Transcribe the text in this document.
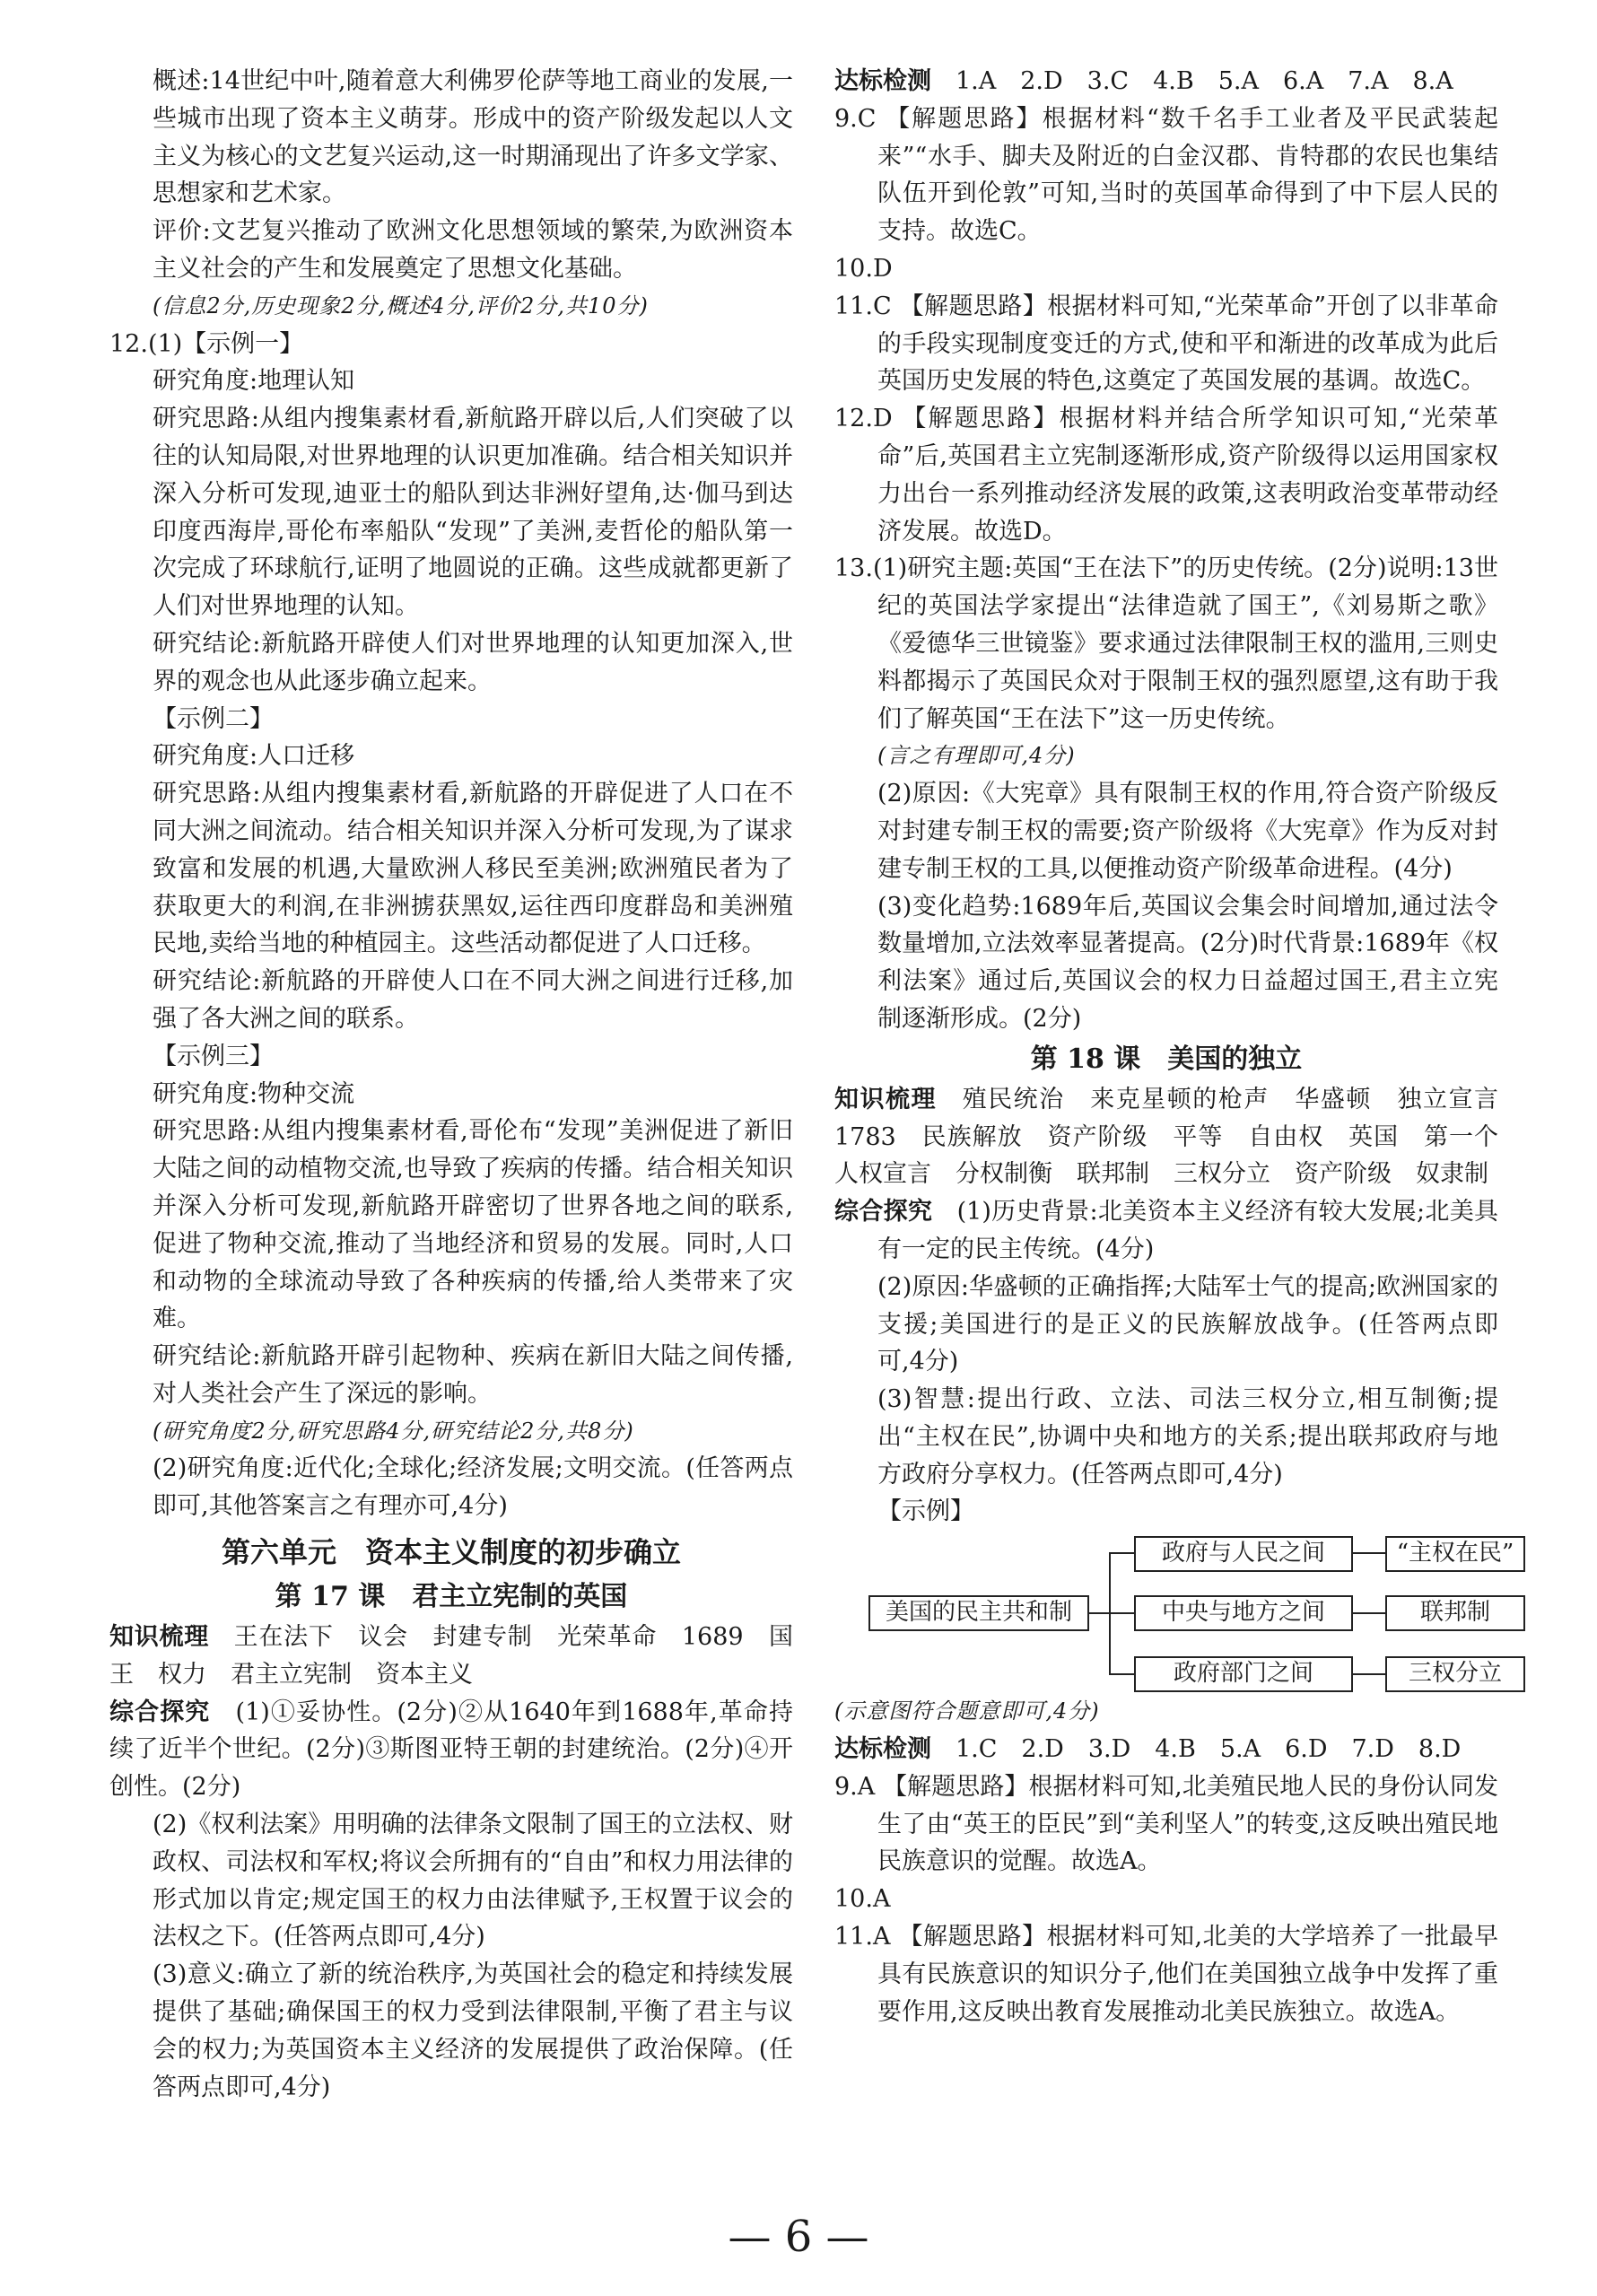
概述:14世纪中叶,随着意大利佛罗伦萨等地工商业的发展,一些城市出现了资本主义萌芽。形成中的资产阶级发起以人文主义为核心的文艺复兴运动,这一时期涌现出了许多文学家、思想家和艺术家。

评价:文艺复兴推动了欧洲文化思想领域的繁荣,为欧洲资本主义社会的产生和发展奠定了思想文化基础。

(信息2分,历史现象2分,概述4分,评价2分,共10分)

12.(1)【示例一】

研究角度:地理认知

研究思路:从组内搜集素材看,新航路开辟以后,人们突破了以往的认知局限,对世界地理的认识更加准确。结合相关知识并深入分析可发现,迪亚士的船队到达非洲好望角,达·伽马到达印度西海岸,哥伦布率船队“发现”了美洲,麦哲伦的船队第一次完成了环球航行,证明了地圆说的正确。这些成就都更新了人们对世界地理的认知。

研究结论:新航路开辟使人们对世界地理的认知更加深入,世界的观念也从此逐步确立起来。

【示例二】

研究角度:人口迁移

研究思路:从组内搜集素材看,新航路的开辟促进了人口在不同大洲之间流动。结合相关知识并深入分析可发现,为了谋求致富和发展的机遇,大量欧洲人移民至美洲;欧洲殖民者为了获取更大的利润,在非洲掳获黑奴,运往西印度群岛和美洲殖民地,卖给当地的种植园主。这些活动都促进了人口迁移。

研究结论:新航路的开辟使人口在不同大洲之间进行迁移,加强了各大洲之间的联系。

【示例三】

研究角度:物种交流

研究思路:从组内搜集素材看,哥伦布“发现”美洲促进了新旧大陆之间的动植物交流,也导致了疾病的传播。结合相关知识并深入分析可发现,新航路开辟密切了世界各地之间的联系,促进了物种交流,推动了当地经济和贸易的发展。同时,人口和动物的全球流动导致了各种疾病的传播,给人类带来了灾难。

研究结论:新航路开辟引起物种、疾病在新旧大陆之间传播,对人类社会产生了深远的影响。

(研究角度2分,研究思路4分,研究结论2分,共8分)

(2)研究角度:近代化;全球化;经济发展;文明交流。(任答两点即可,其他答案言之有理亦可,4分)

第六单元　资本主义制度的初步确立
第 17 课　君主立宪制的英国

知识梳理　 王在法下　议会　封建专制　光荣革命　1689　国王　权力　君主立宪制　资本主义

综合探究　 (1)①妥协性。(2分)②从1640年到1688年,革命持续了近半个世纪。(2分)③斯图亚特王朝的封建统治。(2分)④开创性。(2分)

(2)《权利法案》用明确的法律条文限制了国王的立法权、财政权、司法权和军权;将议会所拥有的“自由”和权力用法律的形式加以肯定;规定国王的权力由法律赋予,王权置于议会的法权之下。(任答两点即可,4分)

(3)意义:确立了新的统治秩序,为英国社会的稳定和持续发展提供了基础;确保国王的权力受到法律限制,平衡了君主与议会的权力;为英国资本主义经济的发展提供了政治保障。(任答两点即可,4分)

达标检测　 1.A　2.D　3.C　4.B　5.A　6.A　7.A　8.A

9.C 【解题思路】根据材料“数千名手工业者及平民武装起来”“水手、脚夫及附近的白金汉郡、肯特郡的农民也集结队伍开到伦敦”可知,当时的英国革命得到了中下层人民的支持。故选C。

10.D

11.C 【解题思路】根据材料可知,“光荣革命”开创了以非革命的手段实现制度变迁的方式,使和平和渐进的改革成为此后英国历史发展的特色,这奠定了英国发展的基调。故选C。

12.D 【解题思路】根据材料并结合所学知识可知,“光荣革命”后,英国君主立宪制逐渐形成,资产阶级得以运用国家权力出台一系列推动经济发展的政策,这表明政治变革带动经济发展。故选D。

13.(1)研究主题:英国“王在法下”的历史传统。(2分)说明:13世纪的英国法学家提出“法律造就了国王”,《刘易斯之歌》《爱德华三世镜鉴》要求通过法律限制王权的滥用,三则史料都揭示了英国民众对于限制王权的强烈愿望,这有助于我们了解英国“王在法下”这一历史传统。

(言之有理即可,4分)

(2)原因:《大宪章》具有限制王权的作用,符合资产阶级反对封建专制王权的需要;资产阶级将《大宪章》作为反对封建专制王权的工具,以便推动资产阶级革命进程。(4分)

(3)变化趋势:1689年后,英国议会集会时间增加,通过法令数量增加,立法效率显著提高。(2分)时代背景:1689年《权利法案》通过后,英国议会的权力日益超过国王,君主立宪制逐渐形成。(2分)

第 18 课　美国的独立

知识梳理　 殖民统治　来克星顿的枪声　华盛顿　独立宣言　1783　民族解放　资产阶级　平等　自由权　英国　第一个人权宣言　分权制衡　联邦制　三权分立　资产阶级　奴隶制

综合探究　 (1)历史背景:北美资本主义经济有较大发展;北美具有一定的民主传统。(4分)

(2)原因:华盛顿的正确指挥;大陆军士气的提高;欧洲国家的支援;美国进行的是正义的民族解放战争。(任答两点即可,4分)

(3)智慧:提出行政、立法、司法三权分立,相互制衡;提出“主权在民”,协调中央和地方的关系;提出联邦政府与地方政府分享权力。(任答两点即可,4分)

【示例】

美国的民主共和制
政府与人民之间
中央与地方之间
政府部门之间
“主权在民”
联邦制
三权分立

(示意图符合题意即可,4分)

达标检测　 1.C　2.D　3.D　4.B　5.A　6.D　7.D　8.D

9.A 【解题思路】根据材料可知,北美殖民地人民的身份认同发生了由“英王的臣民”到“美利坚人”的转变,这反映出殖民地民族意识的觉醒。故选A。

10.A

11.A 【解题思路】根据材料可知,北美的大学培养了一批最早具有民族意识的知识分子,他们在美国独立战争中发挥了重要作用,这反映出教育发展推动北美民族独立。故选A。

— 6 —
